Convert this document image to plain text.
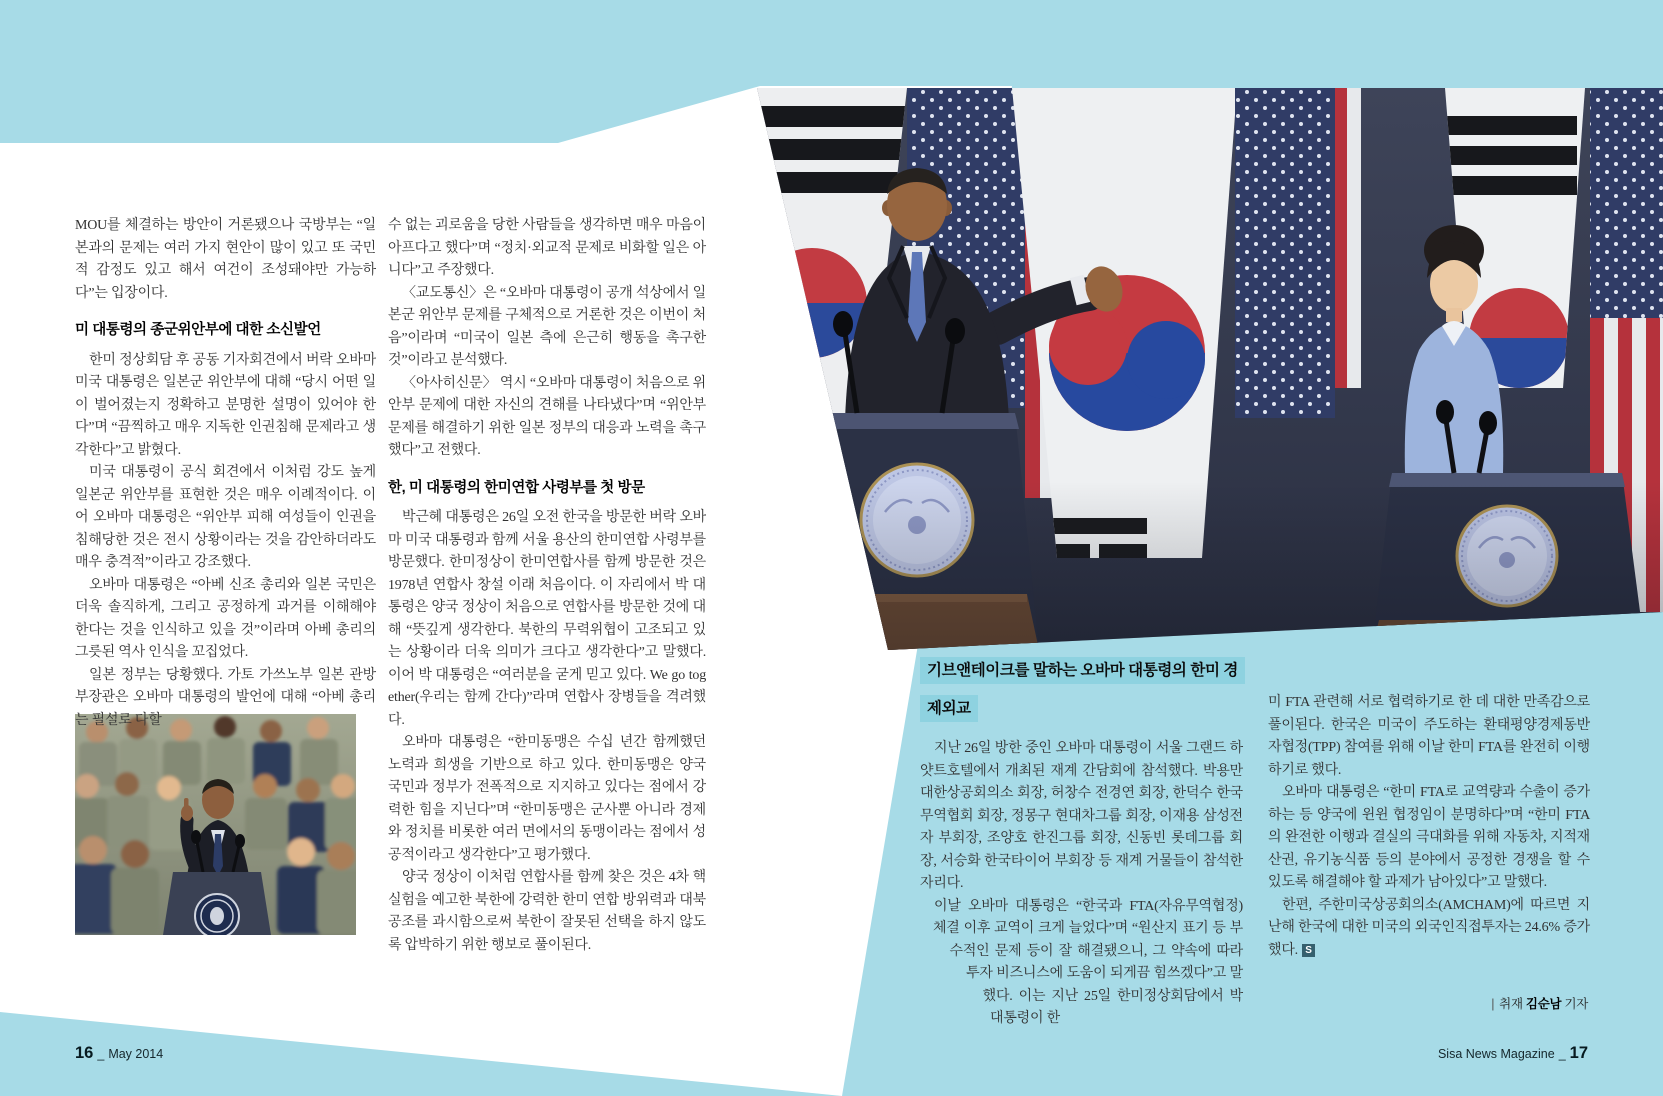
MOU를 체결하는 방안이 거론됐으나 국방부는 “일본과의 문제는 여러 가지 현안이 많이 있고 또 국민적 감정도 있고 해서 여건이 조성돼야만 가능하다”는 입장이다.

미 대통령의 종군위안부에 대한 소신발언

한미 정상회담 후 공동 기자회견에서 버락 오바마 미국 대통령은 일본군 위안부에 대해 “당시 어떤 일이 벌어졌는지 정확하고 분명한 설명이 있어야 한다”며 “끔찍하고 매우 지독한 인권침해 문제라고 생각한다”고 밝혔다.

미국 대통령이 공식 회견에서 이처럼 강도 높게 일본군 위안부를 표현한 것은 매우 이례적이다. 이어 오바마 대통령은 “위안부 피해 여성들이 인권을 침해당한 것은 전시 상황이라는 것을 감안하더라도 매우 충격적”이라고 강조했다.

오바마 대통령은 “아베 신조 총리와 일본 국민은 더욱 솔직하게, 그리고 공정하게 과거를 이해해야 한다는 것을 인식하고 있을 것”이라며 아베 총리의 그릇된 역사 인식을 꼬집었다.

일본 정부는 당황했다. 가토 가쓰노부 일본 관방 부장관은 오바마 대통령의 발언에 대해 “아베 총리는 필설로 다할

수 없는 괴로움을 당한 사람들을 생각하면 매우 마음이 아프다고 했다”며 “정치·외교적 문제로 비화할 일은 아니다”고 주장했다.

〈교도통신〉은 “오바마 대통령이 공개 석상에서 일본군 위안부 문제를 구체적으로 거론한 것은 이번이 처음”이라며 “미국이 일본 측에 은근히 행동을 촉구한 것”이라고 분석했다.

〈아사히신문〉 역시 “오바마 대통령이 처음으로 위안부 문제에 대한 자신의 견해를 나타냈다”며 “위안부 문제를 해결하기 위한 일본 정부의 대응과 노력을 촉구했다”고 전했다.

한, 미 대통령의 한미연합 사령부를 첫 방문

박근혜 대통령은 26일 오전 한국을 방문한 버락 오바마 미국 대통령과 함께 서울 용산의 한미연합 사령부를 방문했다. 한미정상이 한미연합사를 함께 방문한 것은 1978년 연합사 창설 이래 처음이다. 이 자리에서 박 대통령은 양국 정상이 처음으로 연합사를 방문한 것에 대해 “뜻깊게 생각한다. 북한의 무력위협이 고조되고 있는 상황이라 더욱 의미가 크다고 생각한다”고 말했다. 이어 박 대통령은 “여러분을 굳게 믿고 있다. We go together(우리는 함께 간다)”라며 연합사 장병들을 격려했다.

오바마 대통령은 “한미동맹은 수십 년간 함께했던 노력과 희생을 기반으로 하고 있다. 한미동맹은 양국 국민과 정부가 전폭적으로 지지하고 있다는 점에서 강력한 힘을 지닌다”며 “한미동맹은 군사뿐 아니라 경제와 정치를 비롯한 여러 면에서의 동맹이라는 점에서 성공적이라고 생각한다”고 평가했다.

양국 정상이 이처럼 연합사를 함께 찾은 것은 4차 핵실험을 예고한 북한에 강력한 한미 연합 방위력과 대북 공조를 과시함으로써 북한이 잘못된 선택을 하지 않도록 압박하기 위한 행보로 풀이된다.

기브앤테이크를 말하는 오바마 대통령의 한미 경제외교

지난 26일 방한 중인 오바마 대통령이 서울 그랜드 하얏트호텔에서 개최된 재계 간담회에 참석했다. 박용만 대한상공회의소 회장, 허창수 전경연 회장, 한덕수 한국무역협회 회장, 정몽구 현대차그룹 회장, 이재용 삼성전자 부회장, 조양호 한진그룹 회장, 신동빈 롯데그룹 회장, 서승화 한국타이어 부회장 등 재계 거물들이 참석한 자리다.

이날 오바마 대통령은 “한국과 FTA(자유무역협정) 체결 이후 교역이 크게 늘었다”며 “원산지 표기 등 부수적인 문제 등이 잘 해결됐으니, 그 약속에 따라 투자 비즈니스에 도움이 되게끔 힘쓰겠다”고 말했다. 이는 지난 25일 한미정상회담에서 박 대통령이 한

미 FTA 관련해 서로 협력하기로 한 데 대한 만족감으로 풀이된다. 한국은 미국이 주도하는 환태평양경제동반자협정(TPP) 참여를 위해 이날 한미 FTA를 완전히 이행하기로 했다.

오바마 대통령은 “한미 FTA로 교역량과 수출이 증가하는 등 양국에 윈윈 협정임이 분명하다”며 “한미 FTA의 완전한 이행과 결실의 극대화를 위해 자동차, 지적재산권, 유기농식품 등의 분야에서 공정한 경쟁을 할 수 있도록 해결해야 할 과제가 남아있다”고 말했다.

한편, 주한미국상공회의소(AMCHAM)에 따르면 지난해 한국에 대한 미국의 외국인직접투자는 24.6% 증가했다. S

| 취재 김순남 기자
16 _ May 2014	Sisa News Magazine _ 17
